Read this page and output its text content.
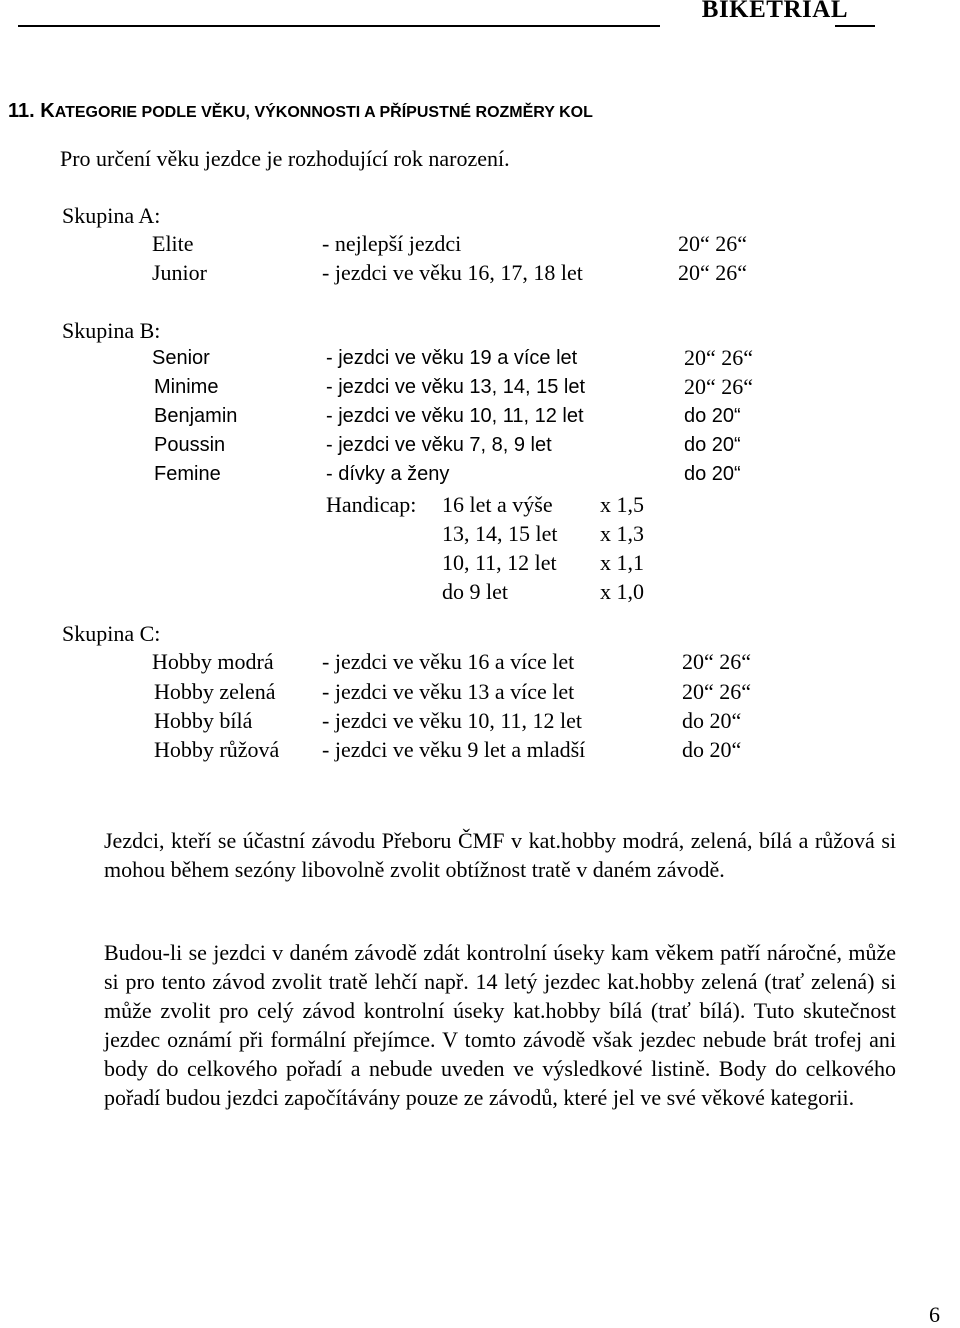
BIKETRIAL
11. KATEGORIE PODLE VĚKU, VÝKONNOSTI A PŘÍPUSTNÉ ROZMĚRY KOL
Pro určení věku jezdce je rozhodující rok narození.
Skupina A:
Elite	- nejlepší jezdci	20“ 26“
Junior	- jezdci ve věku 16, 17, 18 let	20“ 26“
Skupina B:
Senior	- jezdci ve věku 19 a více let	20“ 26“
Minime	- jezdci ve věku 13, 14, 15 let	20“ 26“
Benjamin	- jezdci ve věku 10, 11, 12 let	do 20“
Poussin	- jezdci ve věku 7, 8, 9 let	do 20“
Femine	- dívky a ženy	do 20“
Handicap: 16 let a výše x 1,5
13, 14, 15 let x 1,3
10, 11, 12 let x 1,1
do 9 let	x 1,0
Skupina C:
Hobby modrá - jezdci ve věku 16 a více let	20“ 26“
Hobby zelená - jezdci ve věku 13 a více let	20“ 26“
Hobby bílá	- jezdci ve věku 10, 11, 12 let	do 20“
Hobby růžová - jezdci ve věku 9 let a mladší	do 20“
Jezdci, kteří se účastní závodu Přeboru ČMF v kat.hobby modrá, zelená, bílá a růžová si mohou během sezóny libovolně zvolit obtížnost tratě v daném závodě.
Budou-li se jezdci v daném závodě zdát kontrolní úseky kam věkem patří náročné, může si pro tento závod zvolit tratě lehčí např. 14 letý jezdec kat.hobby zelená (trať zelená) si může zvolit pro celý závod kontrolní úseky kat.hobby bílá (trať bílá). Tuto skutečnost jezdec oznámí při formální přejímce. V tomto závodě však jezdec nebude brát trofej ani body do celkového pořadí a nebude uveden ve výsledkové listině. Body do celkového pořadí budou jezdci započítávány pouze ze závodů, které jel ve své věkové kategorii.
6
